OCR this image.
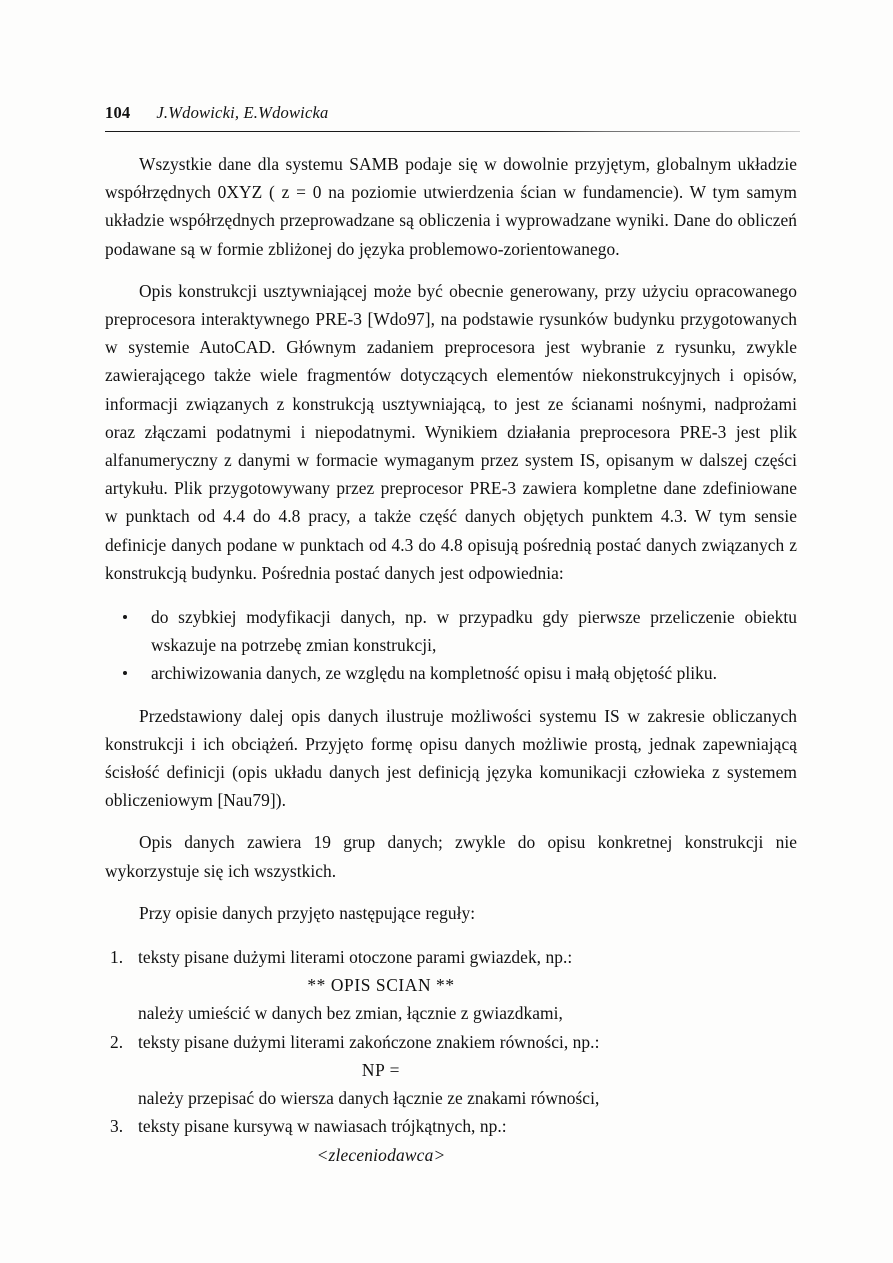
104 J.Wdowicki, E.Wdowicka

Wszystkie dane dla systemu SAMB podaje się w dowolnie przyjętym, globalnym układzie współrzędnych 0XYZ ( z = 0 na poziomie utwierdzenia ścian w fundamencie). W tym samym układzie współrzędnych przeprowadzane są obliczenia i wyprowadzane wyniki. Dane do obliczeń podawane są w formie zbliżonej do języka problemowo-zorientowanego.

Opis konstrukcji usztywniającej może być obecnie generowany, przy użyciu opracowanego preprocesora interaktywnego PRE-3 [Wdo97], na podstawie rysunków budynku przygotowanych w systemie AutoCAD. Głównym zadaniem preprocesora jest wybranie z rysunku, zwykle zawierającego także wiele fragmentów dotyczących elementów niekonstrukcyjnych i opisów, informacji związanych z konstrukcją usztywniającą, to jest ze ścianami nośnymi, nadprożami oraz złączami podatnymi i niepodatnymi. Wynikiem działania preprocesora PRE-3 jest plik alfanumeryczny z danymi w formacie wymaganym przez system IS, opisanym w dalszej części artykułu. Plik przygotowywany przez preprocesor PRE-3 zawiera kompletne dane zdefiniowane w punktach od 4.4 do 4.8 pracy, a także część danych objętych punktem 4.3. W tym sensie definicje danych podane w punktach od 4.3 do 4.8 opisują pośrednią postać danych związanych z konstrukcją budynku. Pośrednia postać danych jest odpowiednia:

do szybkiej modyfikacji danych, np. w przypadku gdy pierwsze przeliczenie obiektu wskazuje na potrzebę zmian konstrukcji,
archiwizowania danych, ze względu na kompletność opisu i małą objętość pliku.

Przedstawiony dalej opis danych ilustruje możliwości systemu IS w zakresie obliczanych konstrukcji i ich obciążeń. Przyjęto formę opisu danych możliwie prostą, jednak zapewniającą ścisłość definicji (opis układu danych jest definicją języka komunikacji człowieka z systemem obliczeniowym [Nau79]).

Opis danych zawiera 19 grup danych; zwykle do opisu konkretnej konstrukcji nie wykorzystuje się ich wszystkich.

Przy opisie danych przyjęto następujące reguły:

1. teksty pisane dużymi literami otoczone parami gwiazdek, np.:
** OPIS SCIAN **
należy umieścić w danych bez zmian, łącznie z gwiazdkami,
2. teksty pisane dużymi literami zakończone znakiem równości, np.:
NP =
należy przepisać do wiersza danych łącznie ze znakami równości,
3. teksty pisane kursywą w nawiasach trójkątnych, np.:
<zleceniodawca>
